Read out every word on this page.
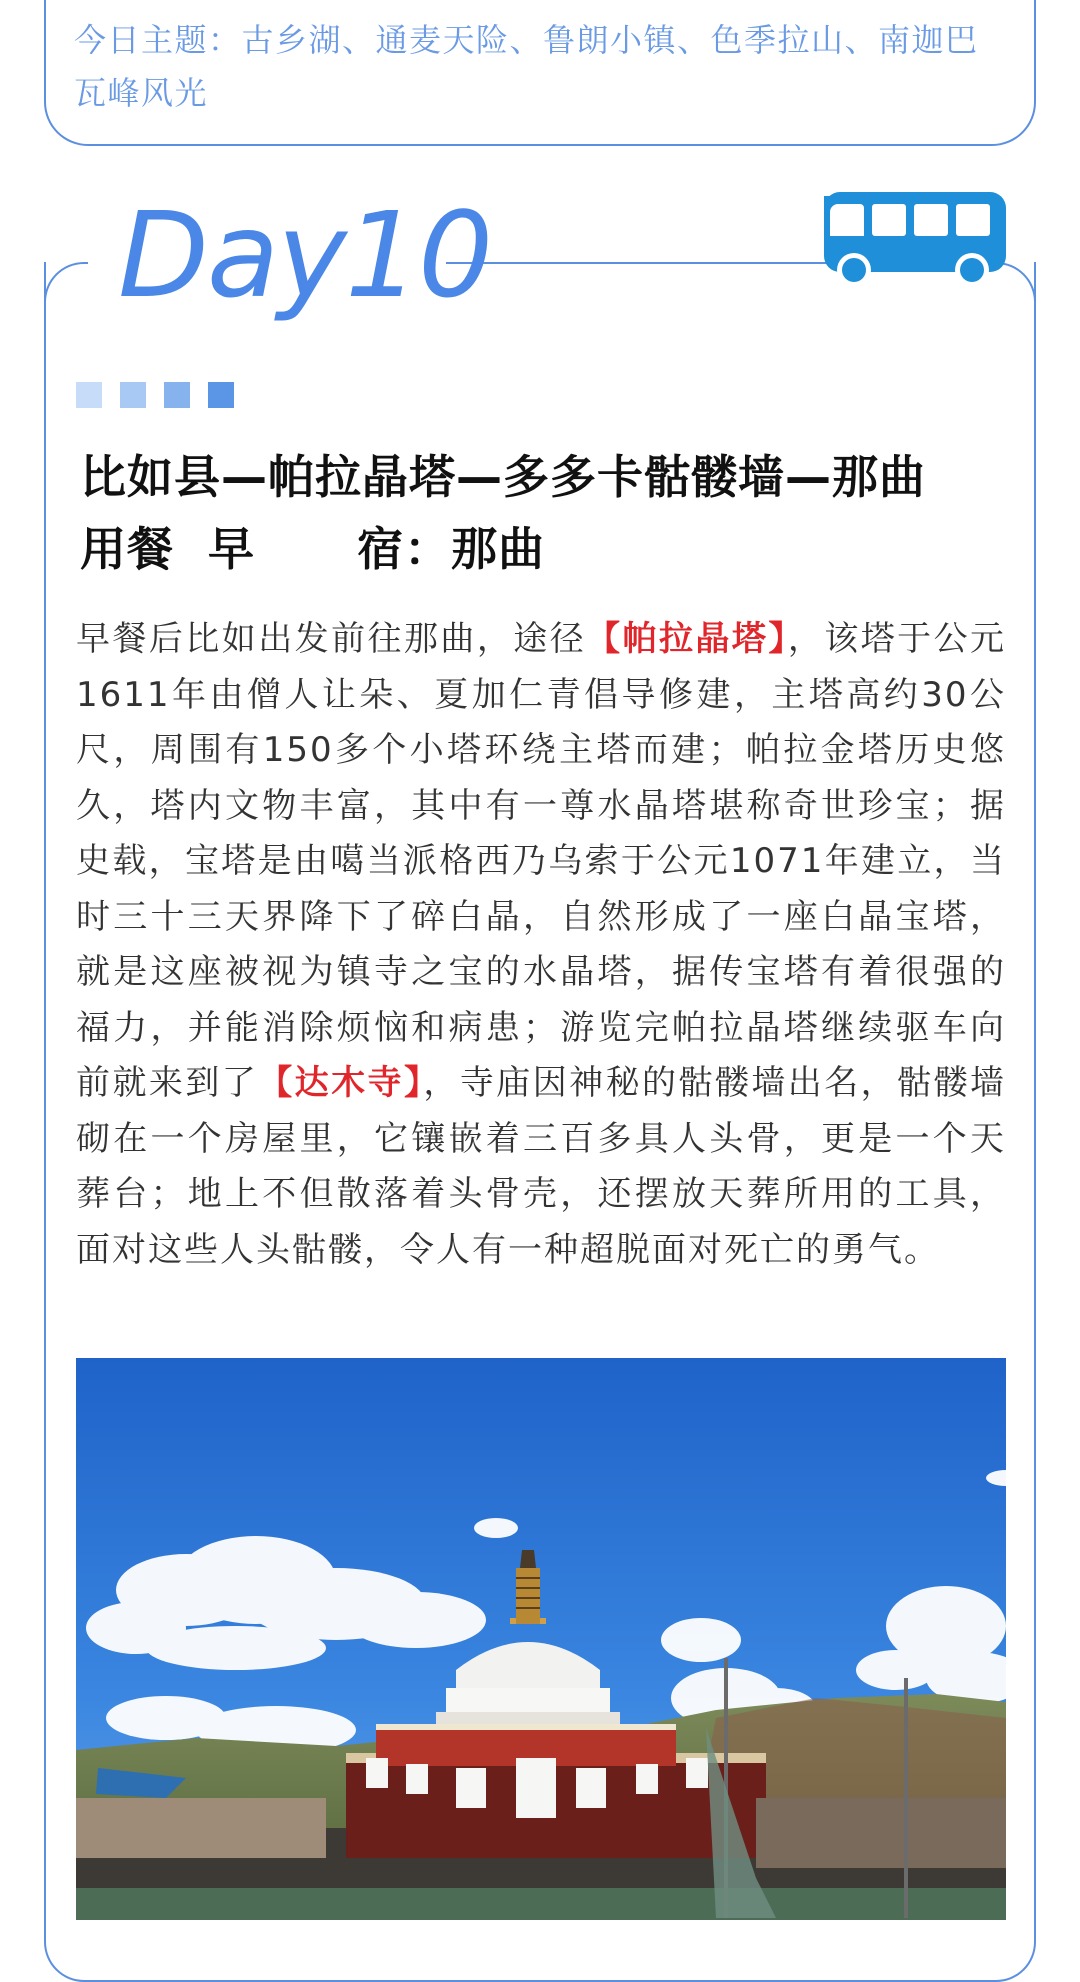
今日主题：古乡湖、通麦天险、鲁朗小镇、色季拉山、南迦巴瓦峰风光
Day10
比如县—帕拉晶塔—多多卡骷髅墙—那曲
用餐  早      宿：那曲
早餐后比如出发前往那曲，途径【帕拉晶塔】，该塔于公元1611年由僧人让朵、夏加仁青倡导修建，主塔高约30公尺，周围有150多个小塔环绕主塔而建；帕拉金塔历史悠久，塔内文物丰富，其中有一尊水晶塔堪称奇世珍宝；据史载，宝塔是由噶当派格西乃乌索于公元1071年建立，当时三十三天界降下了碎白晶，自然形成了一座白晶宝塔，就是这座被视为镇寺之宝的水晶塔，据传宝塔有着很强的福力，并能消除烦恼和病患；游览完帕拉晶塔继续驱车向前就来到了【达木寺】，寺庙因神秘的骷髅墙出名，骷髅墙砌在一个房屋里，它镶嵌着三百多具人头骨，更是一个天葬台；地上不但散落着头骨壳，还摆放天葬所用的工具，面对这些人头骷髅，令人有一种超脱面对死亡的勇气。
